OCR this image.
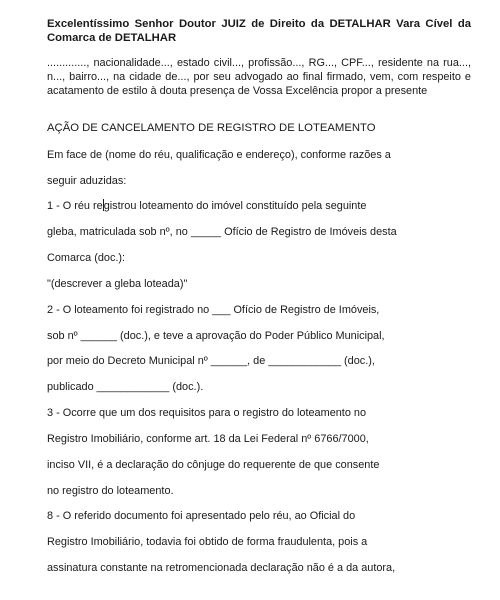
Excelentíssimo Senhor Doutor JUIZ de Direito da DETALHAR Vara Cível da Comarca de DETALHAR
............., nacionalidade..., estado civil..., profissão..., RG..., CPF..., residente na rua..., n..., bairro..., na cidade de..., por seu advogado ao final firmado, vem, com respeito e acatamento de estilo à douta presença de Vossa Excelência propor a presente
AÇÃO DE CANCELAMENTO DE REGISTRO DE LOTEAMENTO
Em face de (nome do réu, qualificação e endereço), conforme razões a
seguir aduzidas:
1 - O réu registrou loteamento do imóvel constituído pela seguinte
gleba, matriculada sob nº, no _____ Ofício de Registro de Imóveis desta
Comarca (doc.):
"(descrever a gleba loteada)"
2 - O loteamento foi registrado no ___ Ofício de Registro de Imóveis,
sob nº ______ (doc.), e teve a aprovação do Poder Público Municipal,
por meio do Decreto Municipal nº ______, de ____________ (doc.),
publicado ____________ (doc.).
3 - Ocorre que um dos requisitos para o registro do loteamento no
Registro Imobiliário, conforme art. 18 da Lei Federal nº 6766/7000,
inciso VII, é a declaração do cônjuge do requerente de que consente
no registro do loteamento.
8 - O referido documento foi apresentado pelo réu, ao Oficial do
Registro Imobiliário, todavia foi obtido de forma fraudulenta, pois a
assinatura constante na retromencionada declaração não é a da autora,
